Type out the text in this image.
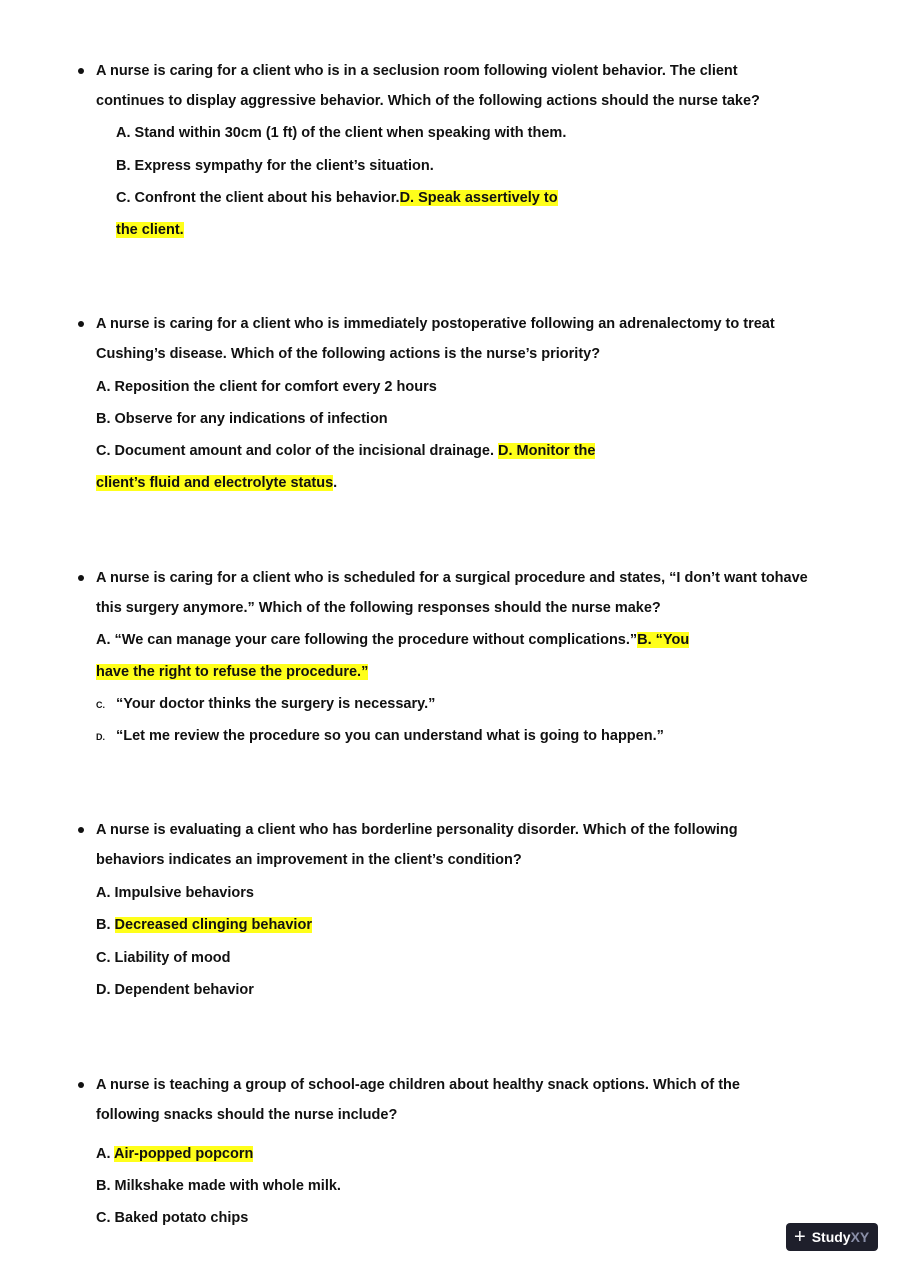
A nurse is caring for a client who is in a seclusion room following violent behavior. The client
continues to display aggressive behavior. Which of the following actions should the nurse take?
A. Stand within 30cm (1 ft) of the client when speaking with them.
B. Express sympathy for the client’s situation.
C. Confront the client about his behavior.D. Speak assertively to
the client.
A nurse is caring for a client who is immediately postoperative following an adrenalectomy to treat
Cushing’s disease. Which of the following actions is the nurse’s priority?
A. Reposition the client for comfort every 2 hours
B. Observe for any indications of infection
C. Document amount and color of the incisional drainage. D. Monitor the
client’s fluid and electrolyte status.
A nurse is caring for a client who is scheduled for a surgical procedure and states, “I don’t want tohave
this surgery anymore.” Which of the following responses should the nurse make?
A. “We can manage your care following the procedure without complications.”B. “You
have the right to refuse the procedure.”
C. “Your doctor thinks the surgery is necessary.”
D. “Let me review the procedure so you can understand what is going to happen.”
A nurse is evaluating a client who has borderline personality disorder. Which of the following
behaviors indicates an improvement in the client’s condition?
A. Impulsive behaviors
B. Decreased clinging behavior
C. Liability of mood
D. Dependent behavior
A nurse is teaching a group of school-age children about healthy snack options. Which of the
following snacks should the nurse include?
A. Air-popped popcorn
B. Milkshake made with whole milk.
C. Baked potato chips
+ Study XY
